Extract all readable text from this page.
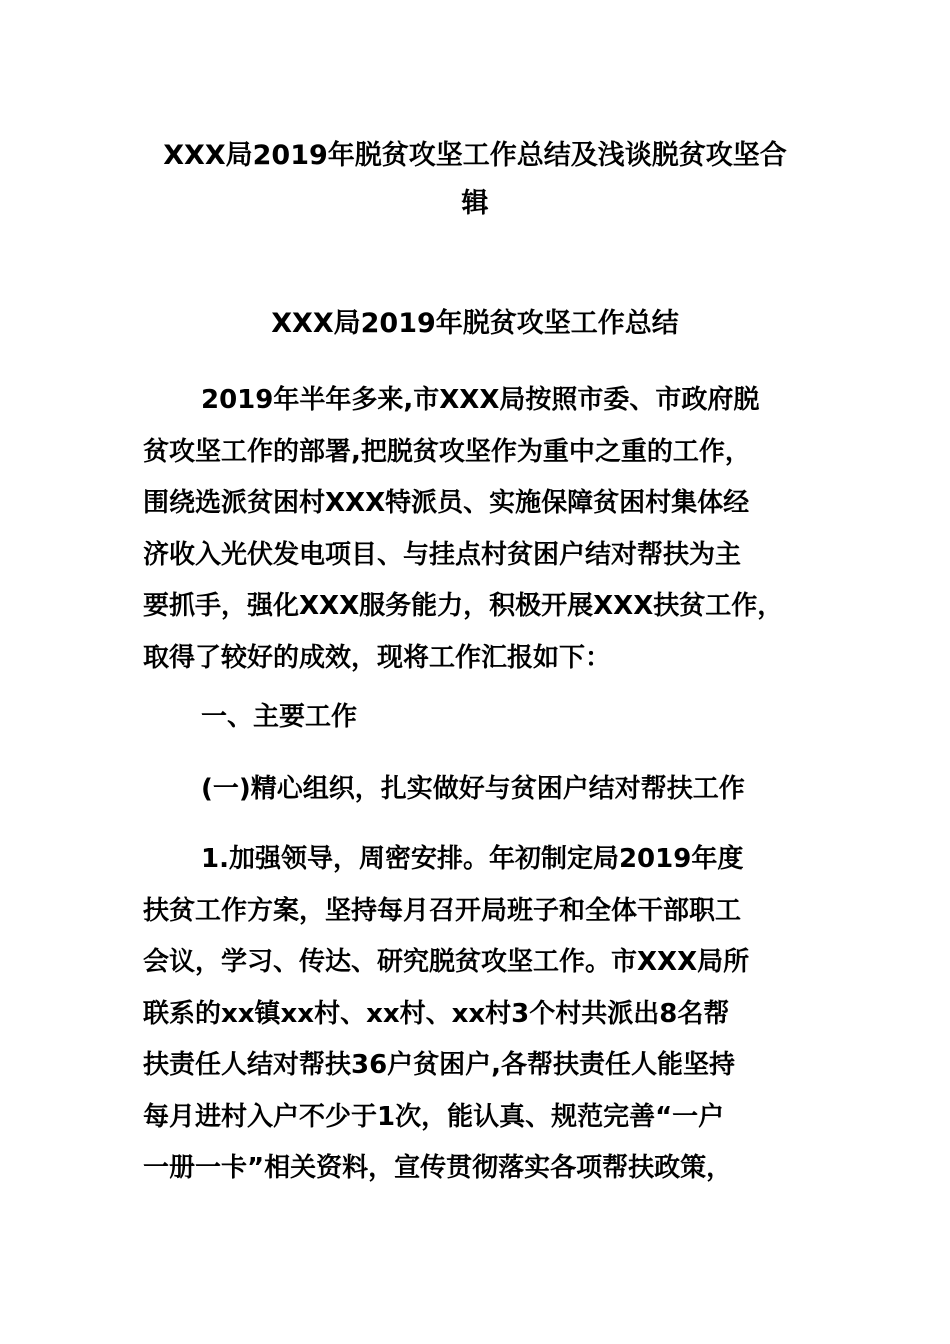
XXX局2019年脱贫攻坚工作总结及浅谈脱贫攻坚合
辑
XXX局2019年脱贫攻坚工作总结

2019年半年多来,市XXX局按照市委、市政府脱
贫攻坚工作的部署,把脱贫攻坚作为重中之重的工作，
围绕选派贫困村XXX特派员、实施保障贫困村集体经
济收入光伏发电项目、与挂点村贫困户结对帮扶为主
要抓手，强化XXX服务能力，积极开展XXX扶贫工作，
取得了较好的成效，现将工作汇报如下：

一、主要工作

(一)精心组织，扎实做好与贫困户结对帮扶工作

1.加强领导，周密安排。年初制定局2019年度
扶贫工作方案，坚持每月召开局班子和全体干部职工
会议，学习、传达、研究脱贫攻坚工作。市XXX局所
联系的xx镇xx村、xx村、xx村3个村共派出8名帮
扶责任人结对帮扶36户贫困户,各帮扶责任人能坚持
每月进村入户不少于1次，能认真、规范完善“一户
一册一卡”相关资料，宣传贯彻落实各项帮扶政策，
